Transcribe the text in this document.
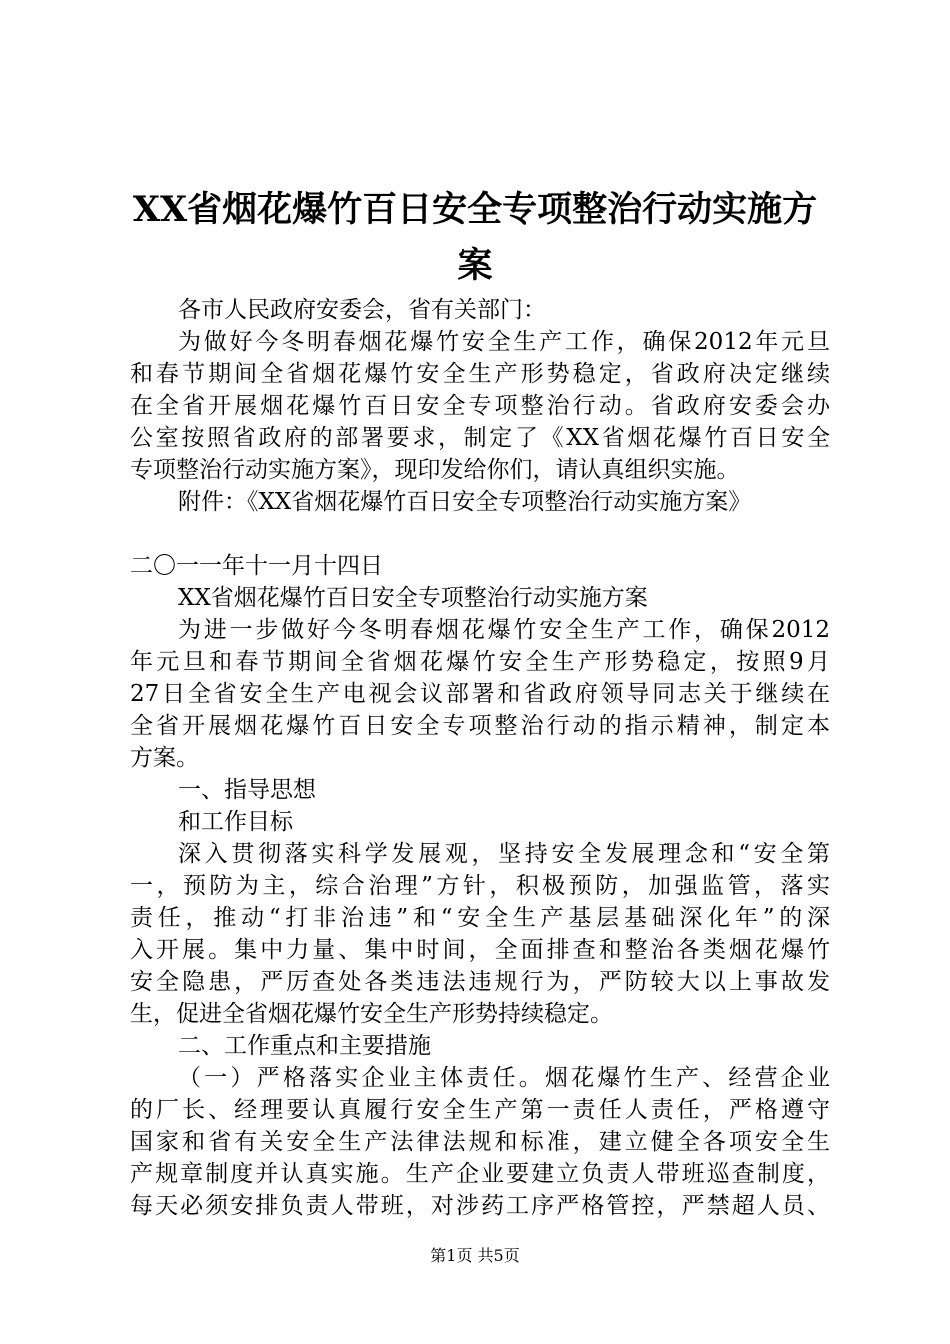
XX省烟花爆竹百日安全专项整治行动实施方
案
各市人民政府安委会，省有关部门：
为做好今冬明春烟花爆竹安全生产工作，确保2012年元旦
和春节期间全省烟花爆竹安全生产形势稳定，省政府决定继续
在全省开展烟花爆竹百日安全专项整治行动。省政府安委会办
公室按照省政府的部署要求，制定了《XX省烟花爆竹百日安全
专项整治行动实施方案》，现印发给你们，请认真组织实施。
附件：《XX省烟花爆竹百日安全专项整治行动实施方案》
二〇一一年十一月十四日
XX省烟花爆竹百日安全专项整治行动实施方案
为进一步做好今冬明春烟花爆竹安全生产工作，确保2012
年元旦和春节期间全省烟花爆竹安全生产形势稳定，按照9月
27日全省安全生产电视会议部署和省政府领导同志关于继续在
全省开展烟花爆竹百日安全专项整治行动的指示精神，制定本
方案。
一、指导思想
和工作目标
深入贯彻落实科学发展观，坚持安全发展理念和“安全第
一，预防为主，综合治理”方针，积极预防，加强监管，落实
责任，推动“打非治违”和“安全生产基层基础深化年”的深
入开展。集中力量、集中时间，全面排查和整治各类烟花爆竹
安全隐患，严厉查处各类违法违规行为，严防较大以上事故发
生，促进全省烟花爆竹安全生产形势持续稳定。
二、工作重点和主要措施
（一）严格落实企业主体责任。烟花爆竹生产、经营企业
的厂长、经理要认真履行安全生产第一责任人责任，严格遵守
国家和省有关安全生产法律法规和标准，建立健全各项安全生
产规章制度并认真实施。生产企业要建立负责人带班巡查制度，
每天必须安排负责人带班，对涉药工序严格管控，严禁超人员、
第1页 共5页
